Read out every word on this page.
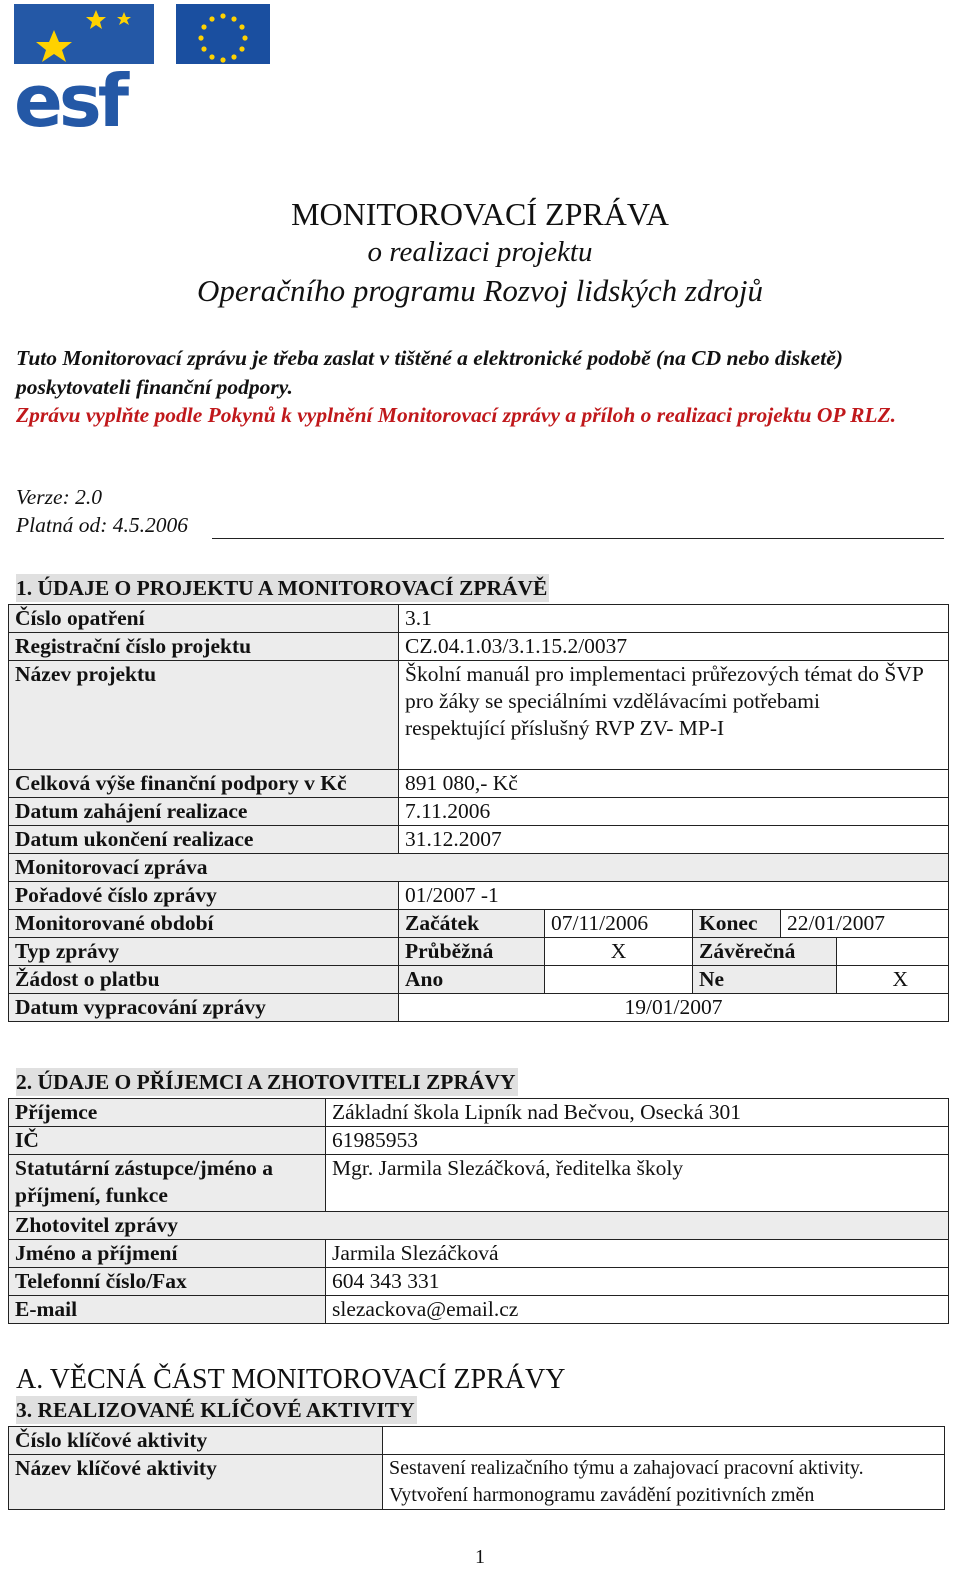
esf
MONITOROVACÍ ZPRÁVA
o realizaci projektu
Operačního programu Rozvoj lidských zdrojů
Tuto Monitorovací zprávu je třeba zaslat v tištěné a elektronické podobě (na CD nebo disketě) poskytovateli finanční podpory.
Zprávu vyplňte podle Pokynů k vyplnění Monitorovací zprávy a příloh o realizaci projektu OP RLZ.
Verze: 2.0
Platná od: 4.5.2006
1. ÚDAJE O PROJEKTU A MONITOROVACÍ ZPRÁVĚ
Číslo opatření	3.1				
Registrační číslo projektu	CZ.04.1.03/3.1.15.2/0037				
Název projektu	Školní manuál pro implementaci průřezových témat do ŠVP pro žáky se speciálními vzdělávacími potřebami respektující příslušný RVP ZV- MP-I				
Celková výše finanční podpory v Kč	891 080,- Kč				
Datum zahájení realizace	7.11.2006				
Datum ukončení realizace	31.12.2007				
Monitorovací zpráva					
Pořadové číslo zprávy	01/2007 -1				
Monitorované období	Začátek	07/11/2006	Konec	22/01/2007	
Typ zprávy	Průběžná	X	Závěrečná		
Žádost o platbu	Ano		Ne		X
Datum vypracování zprávy	19/01/2007				
2. ÚDAJE O PŘÍJEMCI A ZHOTOVITELI ZPRÁVY
Příjemce	Základní škola Lipník nad Bečvou, Osecká 301
IČ	61985953
Statutární zástupce/jméno a příjmení, funkce	Mgr. Jarmila Slezáčková, ředitelka školy
Zhotovitel zprávy	
Jméno a příjmení	Jarmila Slezáčková
Telefonní číslo/Fax	604 343 331
E-mail	slezackova@email.cz
A. VĚCNÁ ČÁST MONITOROVACÍ ZPRÁVY
3. REALIZOVANÉ KLÍČOVÉ AKTIVITY
Číslo klíčové aktivity	
Název klíčové aktivity	Sestavení realizačního týmu a zahajovací pracovní aktivity.
Vytvoření harmonogramu zavádění pozitivních změn
1
